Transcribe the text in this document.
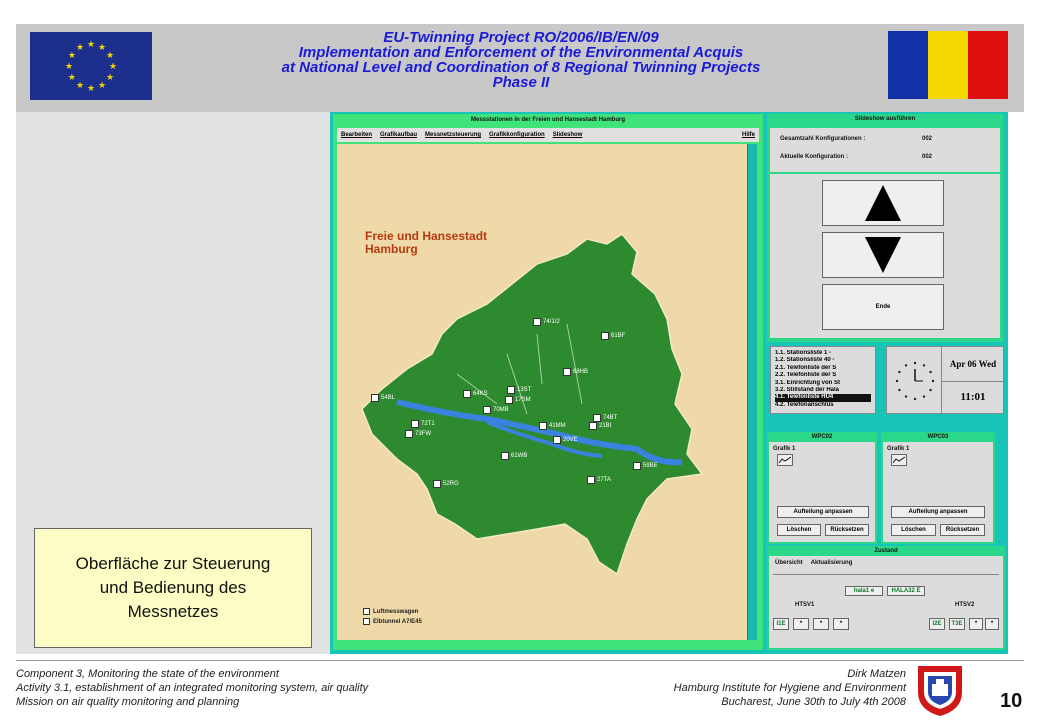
★ ★
★
★
★
★
★
★
★
★
★
★
EU-Twinning Project RO/2006/IB/EN/09
Implementation and Enforcement of the Environmental Acquis
at National Level and Coordination of 8 Regional Twinning Projects
Phase II
Messstationen in der Freien und Hansestadt Hamburg
Bearbeiten Grafikaufbau Messnetzsteuerung Grafikkonfiguration Slideshow	Hilfe
Freie und Hansestadt
Hamburg
74/1/2
61BF
68HB
13ST
17SM
64KS
70MB
72T1
73FW
54BL
74BT
41MM	21BI
20VE
61WB
59BE
27TA
52RG
Luftmesswagen
Elbtunnel A7/E45
Slideshow ausführen
Gesamtzahl Konfigurationen :	002
Aktuelle Konfiguration :	002
Ende
1.1. Stationsliste 1 -
1.2. Stationsliste 40 -
2.1. Telefonliste der S
2.2. Telefonliste der S
3.1. Einrichtung von St
3.2. Stillstand der Hala
4.1. Telefonliste HU4
4.2. Telefonanschlüs
Apr 06 Wed
11:01
WPC02
Grafik 1
Aufteilung anpassen
Löschen	Rücksetzen
WPC03
Grafik 1
Aufteilung anpassen
Löschen	Rücksetzen
Zustand
Übersicht Aktualisierung
hala1 e	HALA32 E
HTSV1	HTSV2
I1E	*	*	*	I2E	T3E	*	*
Oberfläche zur Steuerung
und Bedienung des
Messnetzes
Component 3, Monitoring the state of the environment
Activity 3.1, establishment of an integrated monitoring system, air quality
Mission on air quality monitoring and planning
Dirk Matzen
Hamburg Institute for Hygiene and Environment
Bucharest, June 30th to July 4th 2008	10
